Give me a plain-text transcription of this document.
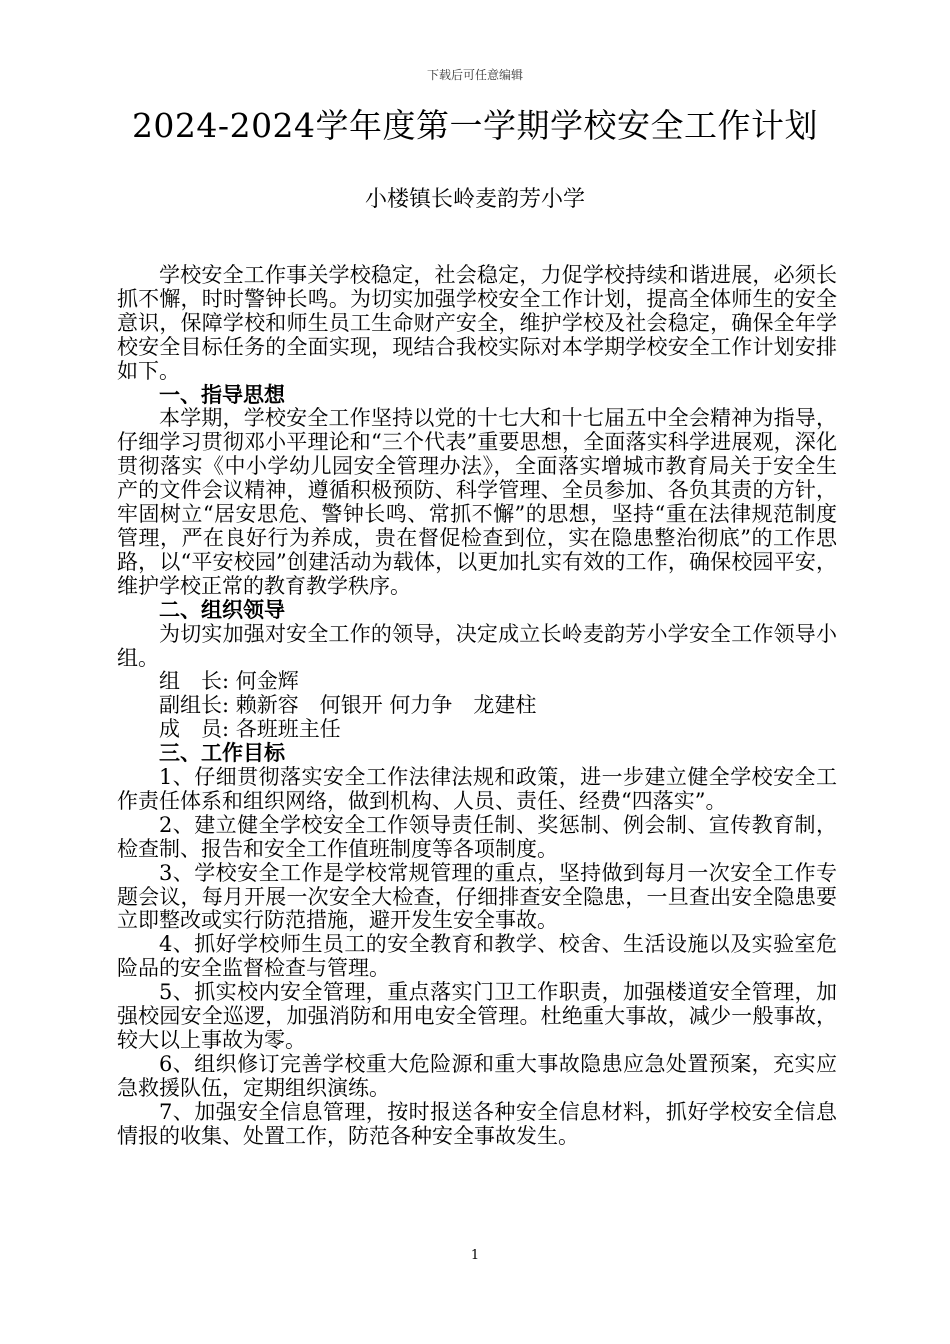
下载后可任意编辑
2024-2024学年度第一学期学校安全工作计划
小楼镇长岭麦韵芳小学

学校安全工作事关学校稳定，社会稳定，力促学校持续和谐进展，必须长抓不懈，时时警钟长鸣。为切实加强学校安全工作计划，提高全体师生的安全意识，保障学校和师生员工生命财产安全，维护学校及社会稳定，确保全年学校安全目标任务的全面实现，现结合我校实际对本学期学校安全工作计划安排如下。

一、指导思想

本学期，学校安全工作坚持以党的十七大和十七届五中全会精神为指导，仔细学习贯彻邓小平理论和“三个代表”重要思想，全面落实科学进展观，深化贯彻落实《中小学幼儿园安全管理办法》，全面落实增城市教育局关于安全生产的文件会议精神，遵循积极预防、科学管理、全员参加、各负其责的方针，牢固树立“居安思危、警钟长鸣、常抓不懈”的思想，坚持“重在法律规范制度管理，严在良好行为养成，贵在督促检查到位，实在隐患整治彻底”的工作思路，以“平安校园”创建活动为载体，以更加扎实有效的工作，确保校园平安，维护学校正常的教育教学秩序。

二、组织领导

为切实加强对安全工作的领导，决定成立长岭麦韵芳小学安全工作领导小组。

组　长: 何金辉

副组长: 赖新容　何银开 何力争　龙建柱

成　员: 各班班主任

三、工作目标

1、仔细贯彻落实安全工作法律法规和政策，进一步建立健全学校安全工作责任体系和组织网络，做到机构、人员、责任、经费“四落实”。

2、建立健全学校安全工作领导责任制、奖惩制、例会制、宣传教育制，检查制、报告和安全工作值班制度等各项制度。

3、学校安全工作是学校常规管理的重点，坚持做到每月一次安全工作专题会议，每月开展一次安全大检查，仔细排查安全隐患，一旦查出安全隐患要立即整改或实行防范措施，避开发生安全事故。

4、抓好学校师生员工的安全教育和教学、校舍、生活设施以及实验室危险品的安全监督检查与管理。

5、抓实校内安全管理，重点落实门卫工作职责，加强楼道安全管理，加强校园安全巡逻，加强消防和用电安全管理。杜绝重大事故，减少一般事故，较大以上事故为零。

6、组织修订完善学校重大危险源和重大事故隐患应急处置预案，充实应急救援队伍，定期组织演练。

7、加强安全信息管理，按时报送各种安全信息材料，抓好学校安全信息情报的收集、处置工作，防范各种安全事故发生。

1
